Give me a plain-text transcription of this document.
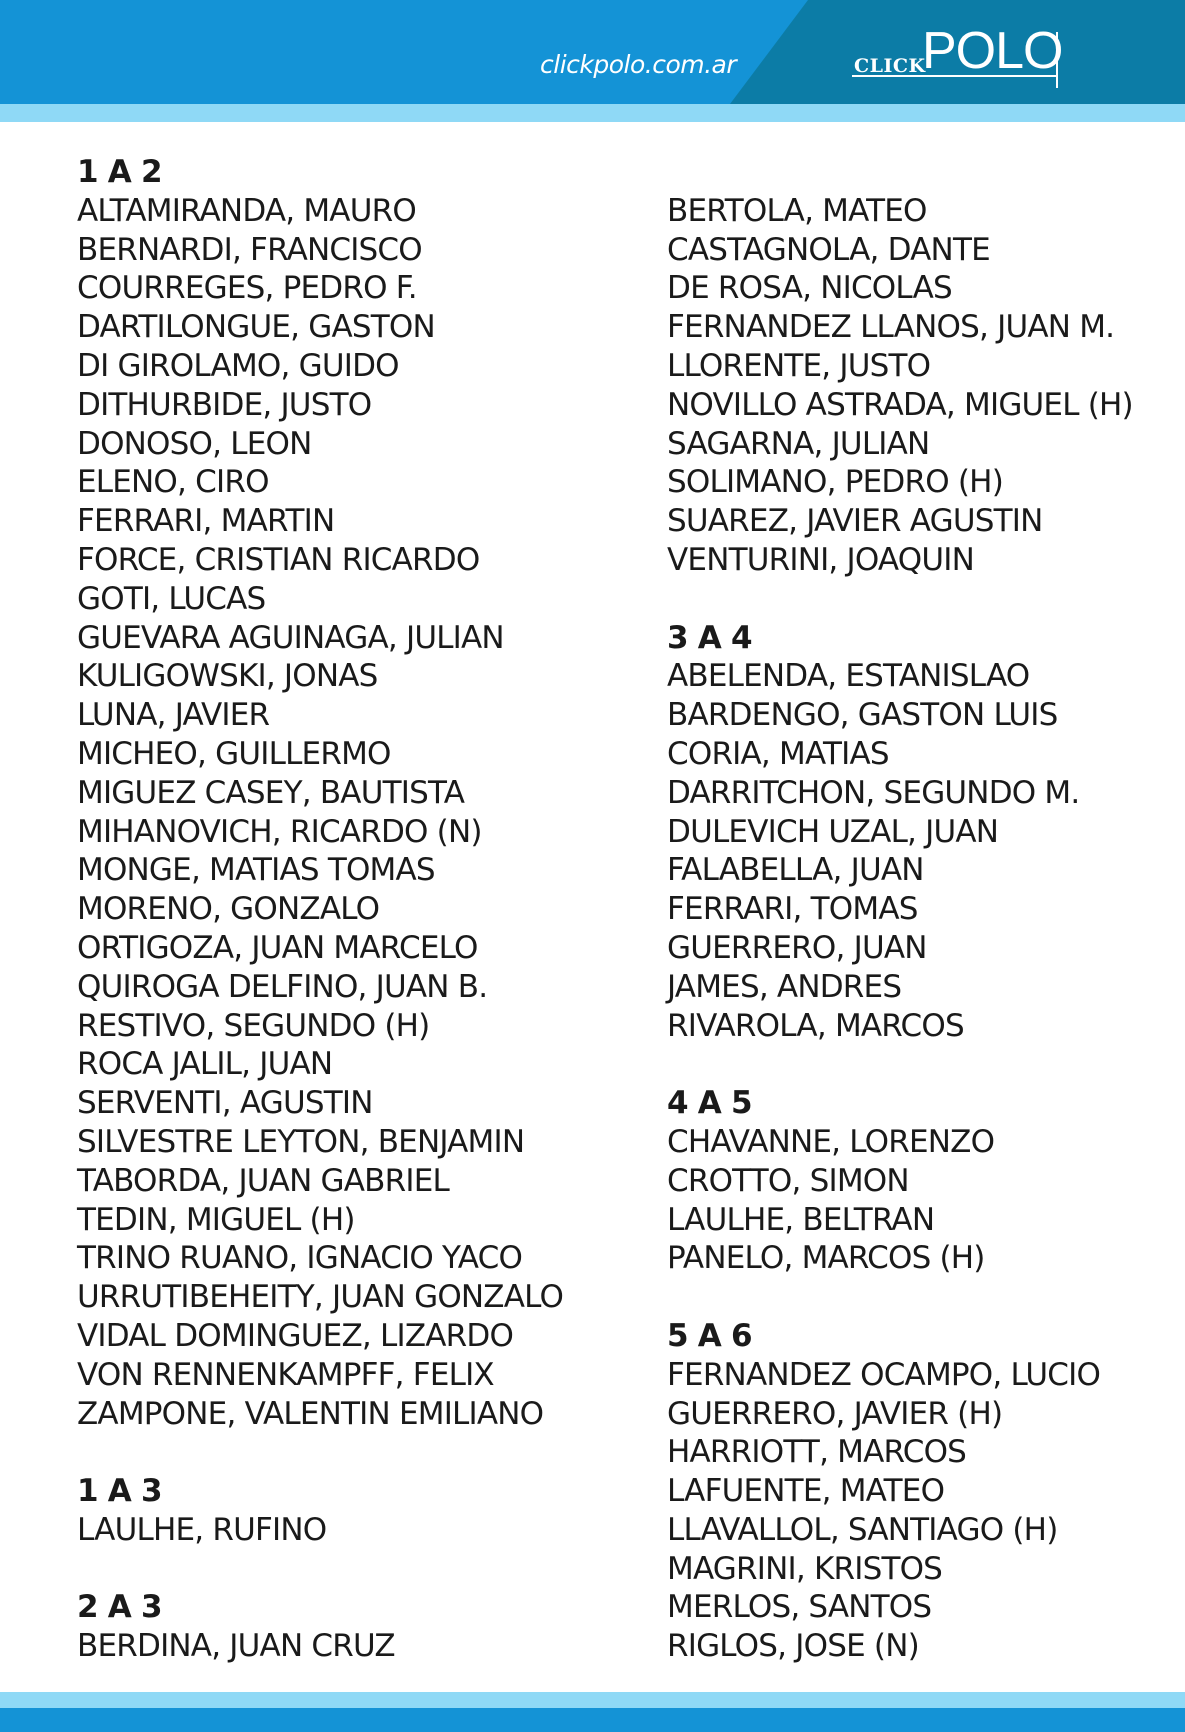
clickpolo.com.ar	CLICK
POLO
1 A 2
ALTAMIRANDA, MAURO
BERNARDI, FRANCISCO
COURREGES, PEDRO F.
DARTILONGUE, GASTON
DI GIROLAMO, GUIDO
DITHURBIDE, JUSTO
DONOSO, LEON
ELENO, CIRO
FERRARI, MARTIN
FORCE, CRISTIAN RICARDO
GOTI, LUCAS
GUEVARA AGUINAGA, JULIAN
KULIGOWSKI, JONAS
LUNA, JAVIER
MICHEO, GUILLERMO
MIGUEZ CASEY, BAUTISTA
MIHANOVICH, RICARDO (N)
MONGE, MATIAS TOMAS
MORENO, GONZALO
ORTIGOZA, JUAN MARCELO
QUIROGA DELFINO, JUAN B.
RESTIVO, SEGUNDO (H)
ROCA JALIL, JUAN
SERVENTI, AGUSTIN
SILVESTRE LEYTON, BENJAMIN
TABORDA, JUAN GABRIEL
TEDIN, MIGUEL (H)
TRINO RUANO, IGNACIO YACO
URRUTIBEHEITY, JUAN GONZALO
VIDAL DOMINGUEZ, LIZARDO
VON RENNENKAMPFF, FELIX
ZAMPONE, VALENTIN EMILIANO
1 A 3
LAULHE, RUFINO
2 A 3
BERDINA, JUAN CRUZ
BERTOLA, MATEO
CASTAGNOLA, DANTE
DE ROSA, NICOLAS
FERNANDEZ LLANOS, JUAN M.
LLORENTE, JUSTO
NOVILLO ASTRADA, MIGUEL (H)
SAGARNA, JULIAN
SOLIMANO, PEDRO (H)
SUAREZ, JAVIER AGUSTIN
VENTURINI, JOAQUIN
3 A 4
ABELENDA, ESTANISLAO
BARDENGO, GASTON LUIS
CORIA, MATIAS
DARRITCHON, SEGUNDO M.
DULEVICH UZAL, JUAN
FALABELLA, JUAN
FERRARI, TOMAS
GUERRERO, JUAN
JAMES, ANDRES
RIVAROLA, MARCOS
4 A 5
CHAVANNE, LORENZO
CROTTO, SIMON
LAULHE, BELTRAN
PANELO, MARCOS (H)
5 A 6
FERNANDEZ OCAMPO, LUCIO
GUERRERO, JAVIER (H)
HARRIOTT, MARCOS
LAFUENTE, MATEO
LLAVALLOL, SANTIAGO (H)
MAGRINI, KRISTOS
MERLOS, SANTOS
RIGLOS, JOSE (N)
